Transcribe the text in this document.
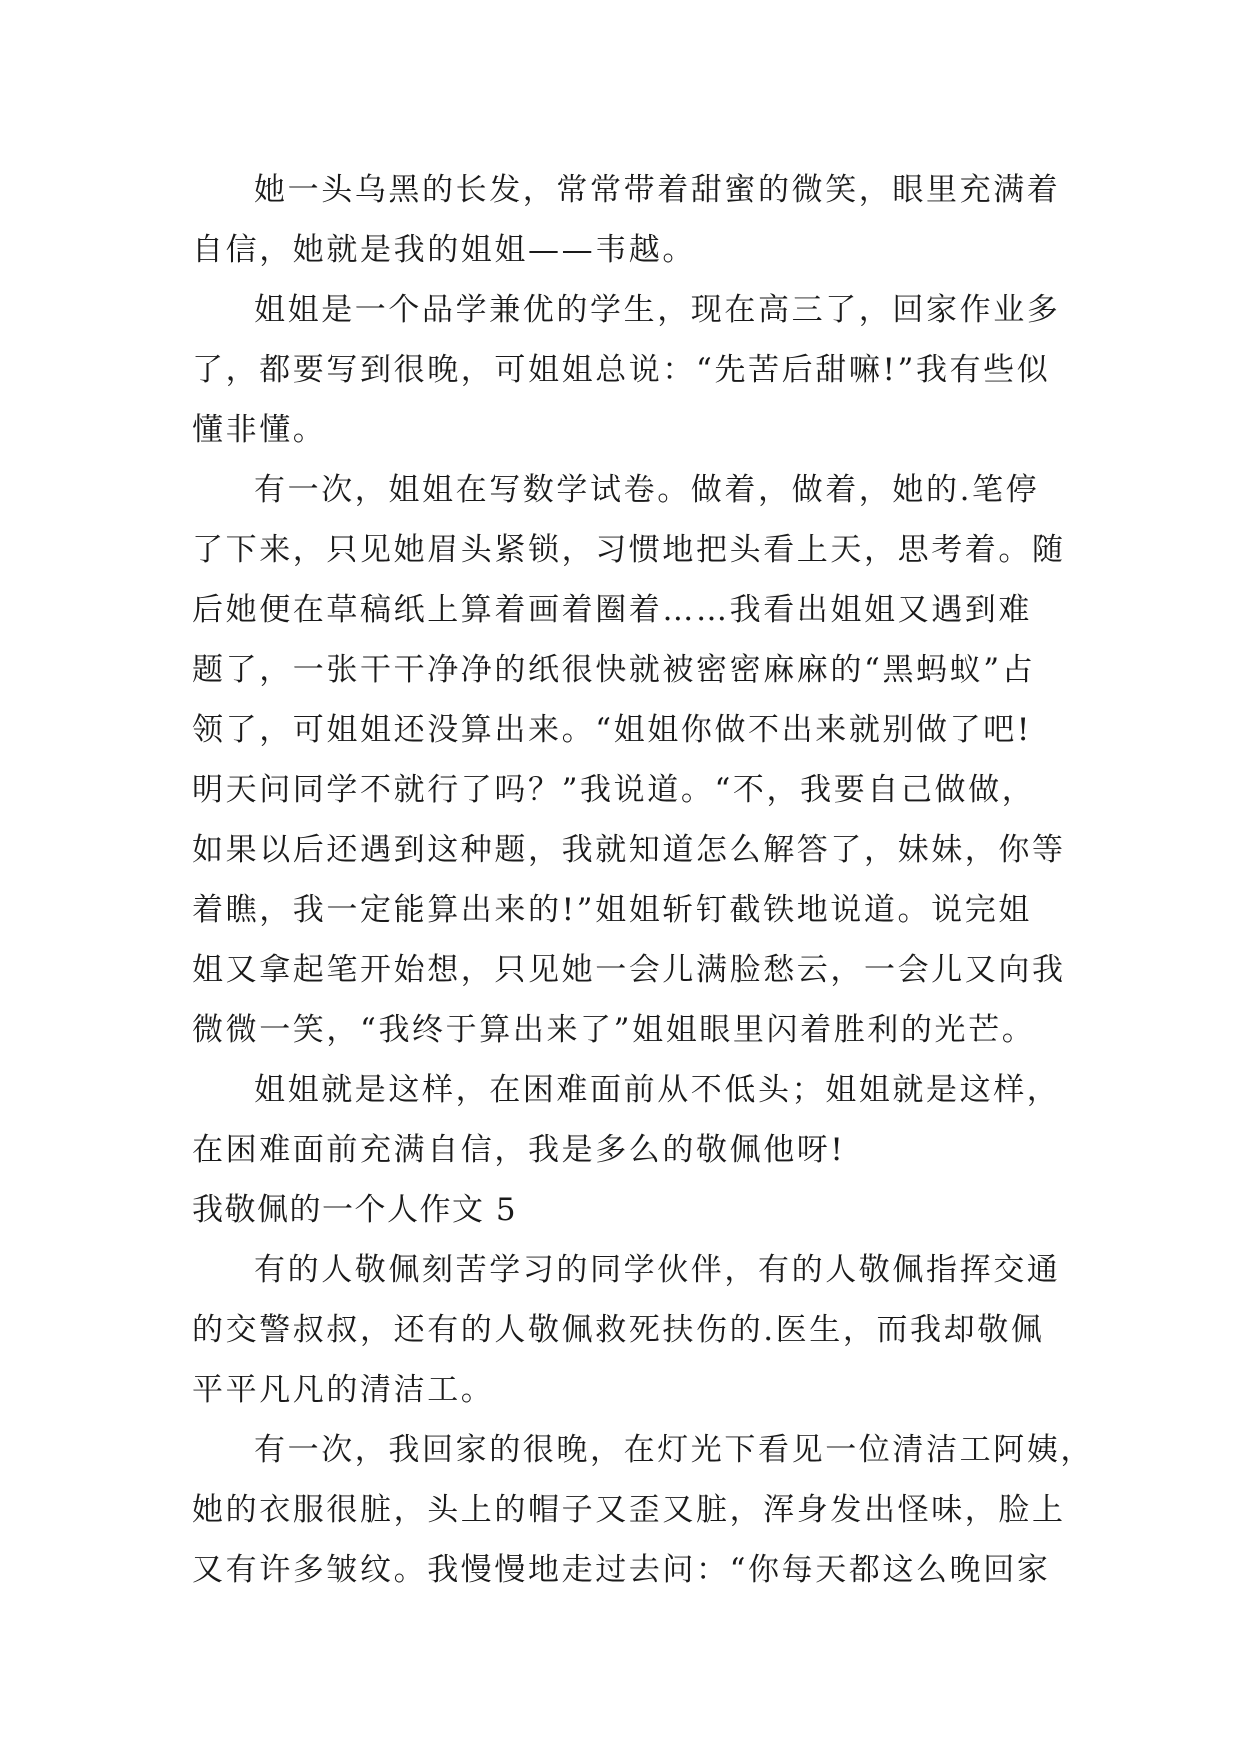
她一头乌黑的长发，常常带着甜蜜的微笑，眼里充满着
自信，她就是我的姐姐——韦越。
姐姐是一个品学兼优的学生，现在高三了，回家作业多
了，都要写到很晚，可姐姐总说：“先苦后甜嘛!”我有些似
懂非懂。
有一次，姐姐在写数学试卷。做着，做着，她的.笔停
了下来，只见她眉头紧锁，习惯地把头看上天，思考着。随
后她便在草稿纸上算着画着圈着……我看出姐姐又遇到难
题了，一张干干净净的纸很快就被密密麻麻的“黑蚂蚁”占
领了，可姐姐还没算出来。“姐姐你做不出来就别做了吧!
明天问同学不就行了吗？”我说道。“不，我要自己做做，
如果以后还遇到这种题，我就知道怎么解答了，妹妹，你等
着瞧，我一定能算出来的!”姐姐斩钉截铁地说道。说完姐
姐又拿起笔开始想，只见她一会儿满脸愁云，一会儿又向我
微微一笑，“我终于算出来了”姐姐眼里闪着胜利的光芒。
姐姐就是这样，在困难面前从不低头；姐姐就是这样，
在困难面前充满自信，我是多么的敬佩他呀!
我敬佩的一个人作文 5
有的人敬佩刻苦学习的同学伙伴，有的人敬佩指挥交通
的交警叔叔，还有的人敬佩救死扶伤的.医生，而我却敬佩
平平凡凡的清洁工。
有一次，我回家的很晚，在灯光下看见一位清洁工阿姨，
她的衣服很脏，头上的帽子又歪又脏，浑身发出怪味，脸上
又有许多皱纹。我慢慢地走过去问：“你每天都这么晚回家
